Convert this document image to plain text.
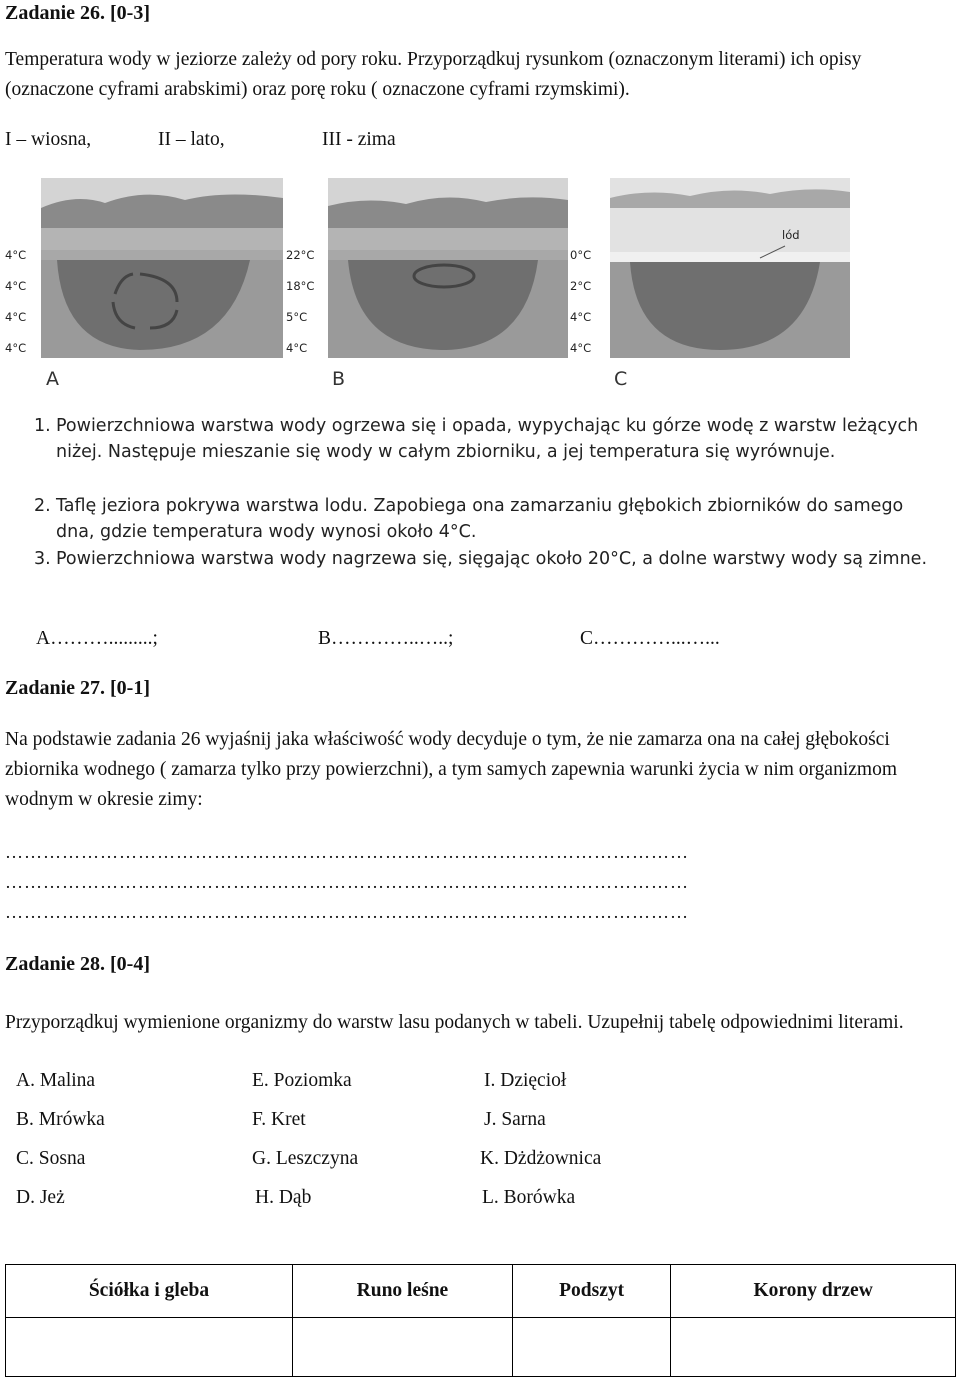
Zadanie 26. [0-3]
Temperatura wody w jeziorze zależy od pory roku. Przyporządkuj rysunkom (oznaczonym literami) ich opisy (oznaczone cyframi arabskimi) oraz porę roku ( oznaczone cyframi rzymskimi).
I – wiosna,	II – lato,	III - zima
4°C
4°C
4°C
4°C
22°C
18°C
5°C
4°C
lód
0°C
2°C
4°C
4°C
A	B	C
1. Powierzchniowa warstwa wody ogrzewa się i opada, wypychając ku górze wodę z warstw leżących niżej. Następuje mieszanie się wody w całym zbiorniku, a jej temperatura się wyrównuje.
2. Taflę jeziora pokrywa warstwa lodu. Zapobiega ona zamarzaniu głębokich zbiorników do samego dna, gdzie temperatura wody wynosi około 4°C.
3. Powierzchniowa warstwa wody nagrzewa się, sięgając około 20°C, a dolne warstwy wody są zimne.
A……….........;	B…………..…..;	C…………...…...
Zadanie 27. [0-1]
Na podstawie zadania 26 wyjaśnij jaka właściwość wody decyduje o tym, że nie zamarza ona na całej głębokości zbiornika wodnego ( zamarza tylko przy powierzchni), a tym samych zapewnia warunki życia w nim organizmom wodnym w okresie zimy:
………………………………………………………………………………………………
………………………………………………………………………………………………
………………………………………………………………………………………………
Zadanie 28. [0-4]
Przyporządkuj wymienione organizmy do warstw lasu podanych w tabeli. Uzupełnij tabelę odpowiednimi literami.
A. Malina	E. Poziomka	I. Dzięcioł
B. Mrówka	F. Kret	J. Sarna
C. Sosna	G. Leszczyna	K. Dżdżownica
D. Jeż	H. Dąb	L. Borówka
Ściółka i gleba	Runo leśne	Podszyt	Korony drzew
